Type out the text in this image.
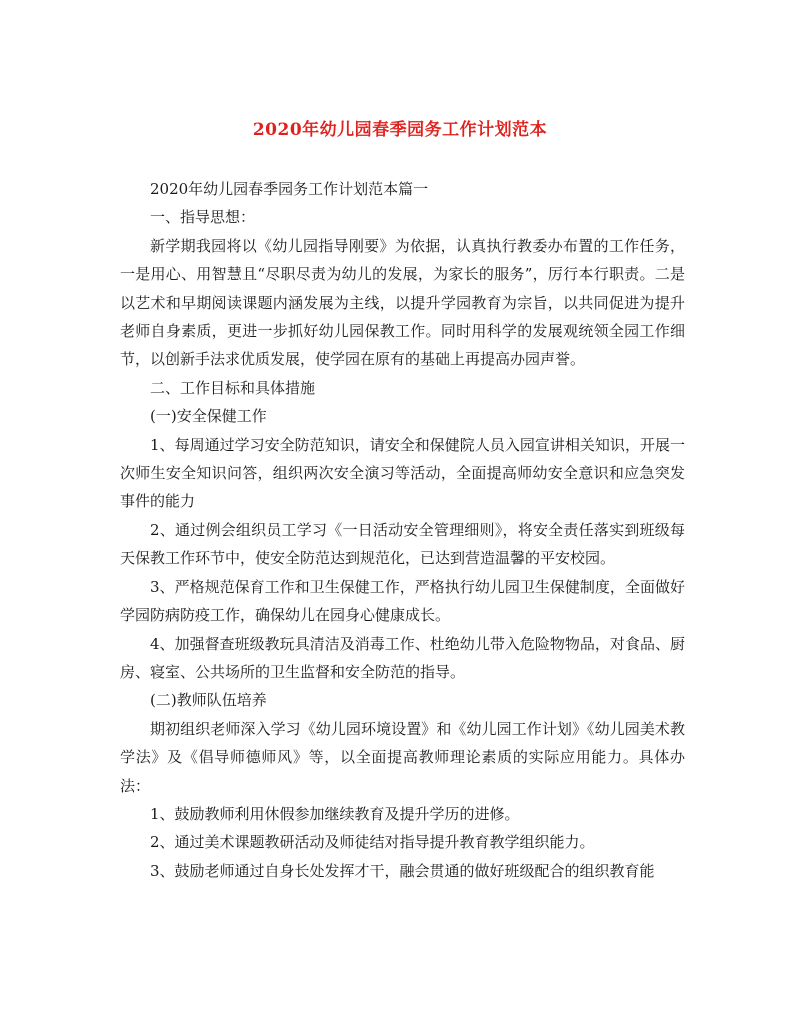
2020年幼儿园春季园务工作计划范本

2020年幼儿园春季园务工作计划范本篇一

一、指导思想：

新学期我园将以《幼儿园指导刚要》为依据，认真执行教委办布置的工作任务，一是用心、用智慧且“尽职尽责为幼儿的发展，为家长的服务”，厉行本行职责。二是以艺术和早期阅读课题内涵发展为主线，以提升学园教育为宗旨，以共同促进为提升老师自身素质，更进一步抓好幼儿园保教工作。同时用科学的发展观统领全园工作细节，以创新手法求优质发展，使学园在原有的基础上再提高办园声誉。

二、工作目标和具体措施

(一)安全保健工作

1、每周通过学习安全防范知识，请安全和保健院人员入园宣讲相关知识，开展一次师生安全知识问答，组织两次安全演习等活动，全面提高师幼安全意识和应急突发事件的能力

2、通过例会组织员工学习《一日活动安全管理细则》，将安全责任落实到班级每天保教工作环节中，使安全防范达到规范化，已达到营造温馨的平安校园。

3、严格规范保育工作和卫生保健工作，严格执行幼儿园卫生保健制度，全面做好学园防病防疫工作，确保幼儿在园身心健康成长。

4、加强督查班级教玩具清洁及消毒工作、杜绝幼儿带入危险物物品，对食品、厨房、寝室、公共场所的卫生监督和安全防范的指导。

(二)教师队伍培养

期初组织老师深入学习《幼儿园环境设置》和《幼儿园工作计划》《幼儿园美术教学法》及《倡导师德师风》等，以全面提高教师理论素质的实际应用能力。具体办法：

1、鼓励教师利用休假参加继续教育及提升学历的进修。

2、通过美术课题教研活动及师徒结对指导提升教育教学组织能力。

3、鼓励老师通过自身长处发挥才干，融会贯通的做好班级配合的组织教育能
